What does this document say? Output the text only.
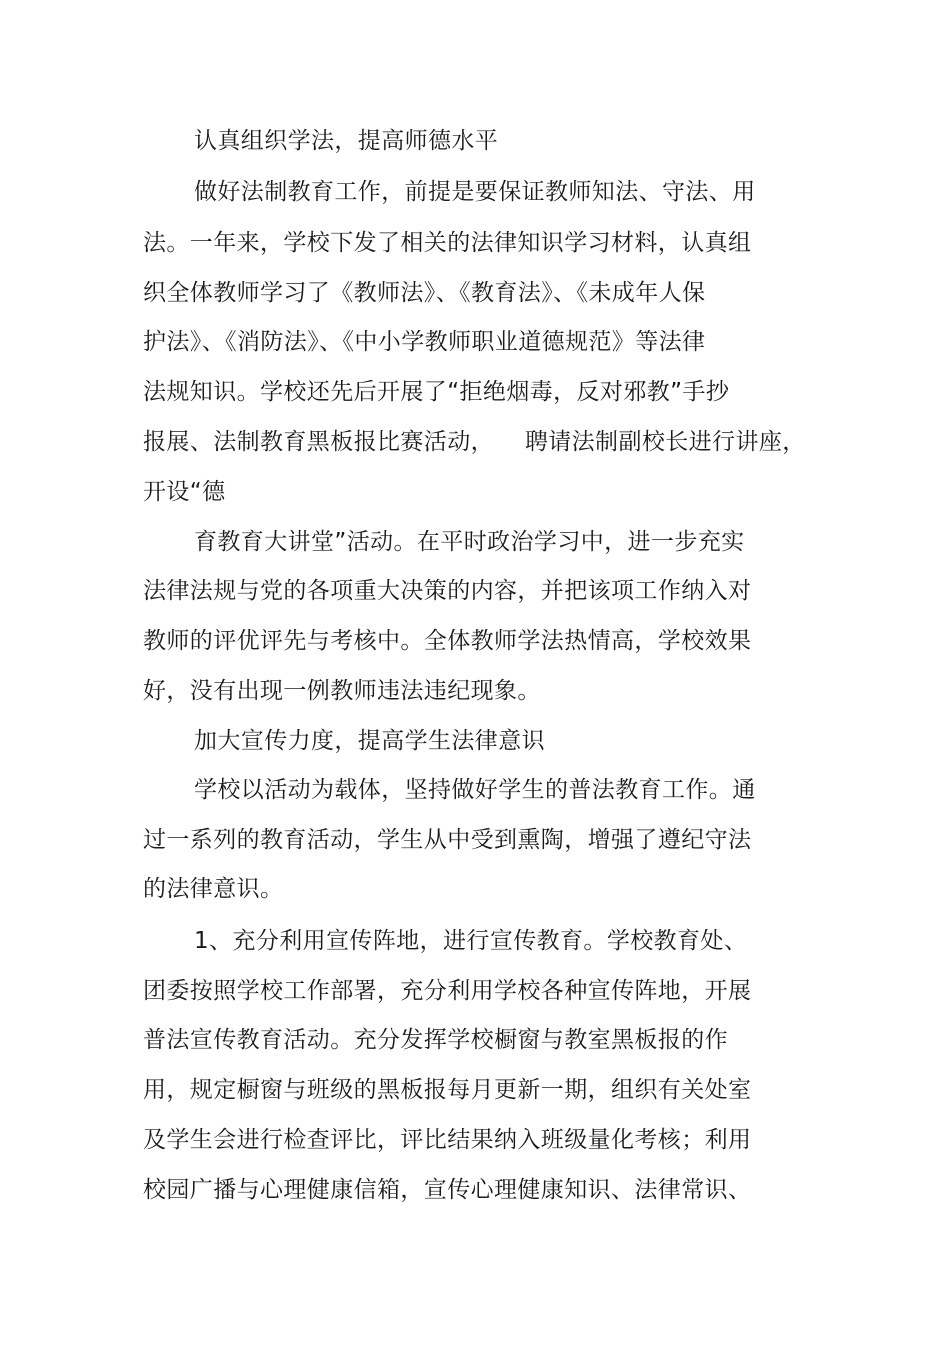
认真组织学法，提高师德水平

做好法制教育工作，前提是要保证教师知法、守法、用

法。一年来，学校下发了相关的法律知识学习材料，认真组

织全体教师学习了《教师法》、《教育法》、《未成年人保

护法》、《消防法》、《中小学教师职业道德规范》等法律

法规知识。学校还先后开展了“拒绝烟毒，反对邪教”手抄

报展、法制教育黑板报比赛活动，    聘请法制副校长进行讲座，

开设“德

育教育大讲堂”活动。在平时政治学习中，进一步充实

法律法规与党的各项重大决策的内容，并把该项工作纳入对

教师的评优评先与考核中。全体教师学法热情高，学校效果

好，没有出现一例教师违法违纪现象。

加大宣传力度，提高学生法律意识

学校以活动为载体，坚持做好学生的普法教育工作。通

过一系列的教育活动，学生从中受到熏陶，增强了遵纪守法

的法律意识。

1、充分利用宣传阵地，进行宣传教育。学校教育处、

团委按照学校工作部署，充分利用学校各种宣传阵地，开展

普法宣传教育活动。充分发挥学校橱窗与教室黑板报的作

用，规定橱窗与班级的黑板报每月更新一期，组织有关处室

及学生会进行检查评比，评比结果纳入班级量化考核；利用

校园广播与心理健康信箱，宣传心理健康知识、法律常识、
